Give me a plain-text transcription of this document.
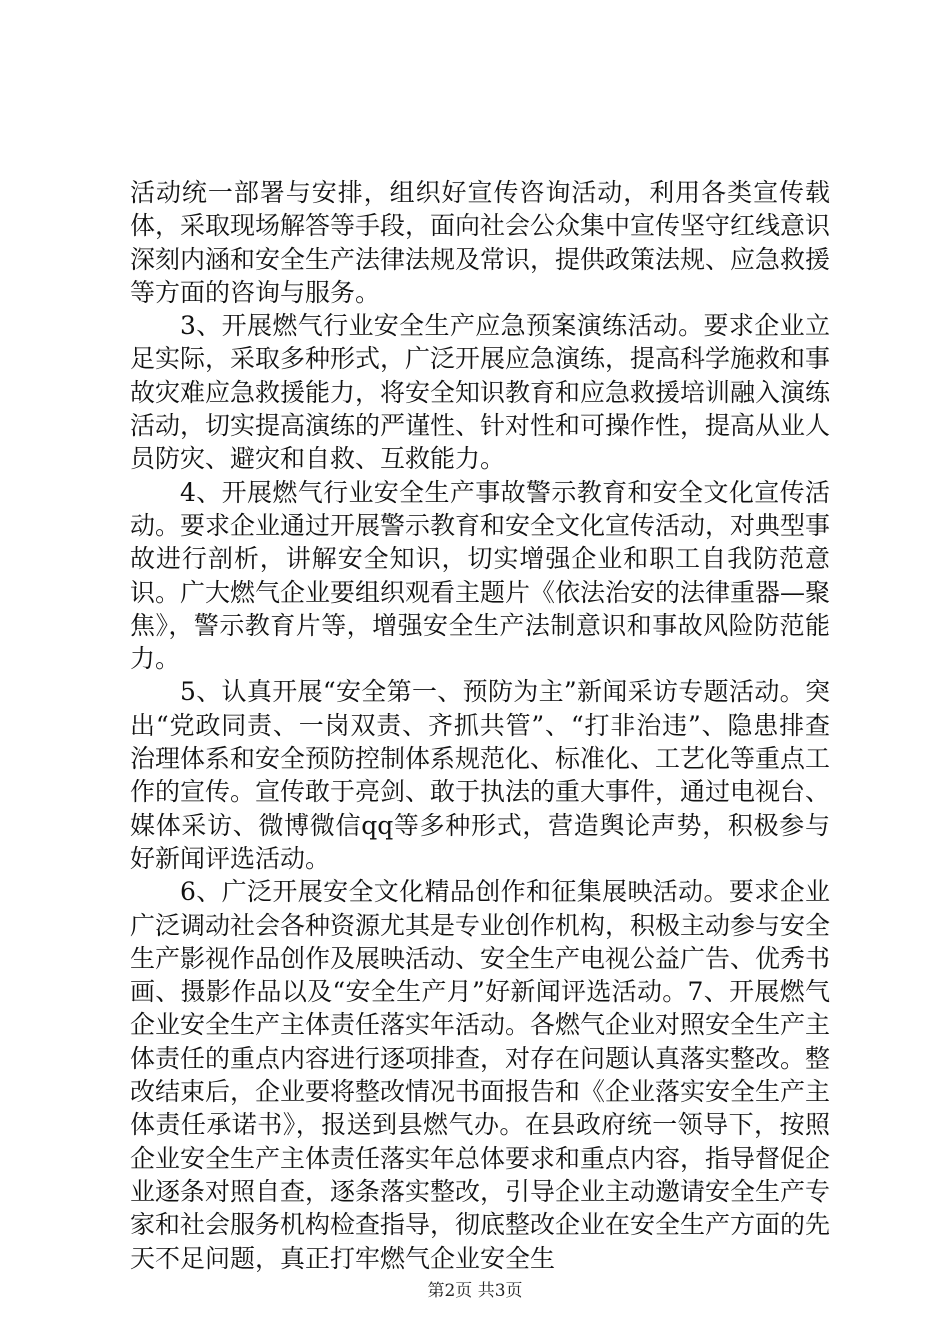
活动统一部署与安排，组织好宣传咨询活动，利用各类宣传载体，采取现场解答等手段，面向社会公众集中宣传坚守红线意识深刻内涵和安全生产法律法规及常识，提供政策法规、应急救援等方面的咨询与服务。

3、开展燃气行业安全生产应急预案演练活动。要求企业立足实际，采取多种形式，广泛开展应急演练，提高科学施救和事故灾难应急救援能力，将安全知识教育和应急救援培训融入演练活动，切实提高演练的严谨性、针对性和可操作性，提高从业人员防灾、避灾和自救、互救能力。

4、开展燃气行业安全生产事故警示教育和安全文化宣传活动。要求企业通过开展警示教育和安全文化宣传活动，对典型事故进行剖析，讲解安全知识，切实增强企业和职工自我防范意识。广大燃气企业要组织观看主题片《依法治安的法律重器—聚焦》，警示教育片等，增强安全生产法制意识和事故风险防范能力。

5、认真开展“安全第一、预防为主”新闻采访专题活动。突出“党政同责、一岗双责、齐抓共管”、“打非治违”、隐患排查治理体系和安全预防控制体系规范化、标准化、工艺化等重点工作的宣传。宣传敢于亮剑、敢于执法的重大事件，通过电视台、媒体采访、微博微信qq等多种形式，营造舆论声势，积极参与好新闻评选活动。

6、广泛开展安全文化精品创作和征集展映活动。要求企业广泛调动社会各种资源尤其是专业创作机构，积极主动参与安全生产影视作品创作及展映活动、安全生产电视公益广告、优秀书画、摄影作品以及“安全生产月”好新闻评选活动。7、开展燃气企业安全生产主体责任落实年活动。各燃气企业对照安全生产主体责任的重点内容进行逐项排查，对存在问题认真落实整改。整改结束后，企业要将整改情况书面报告和《企业落实安全生产主体责任承诺书》，报送到县燃气办。在县政府统一领导下，按照企业安全生产主体责任落实年总体要求和重点内容，指导督促企业逐条对照自查，逐条落实整改，引导企业主动邀请安全生产专家和社会服务机构检查指导，彻底整改企业在安全生产方面的先天不足问题，真正打牢燃气企业安全生

第2页 共3页
